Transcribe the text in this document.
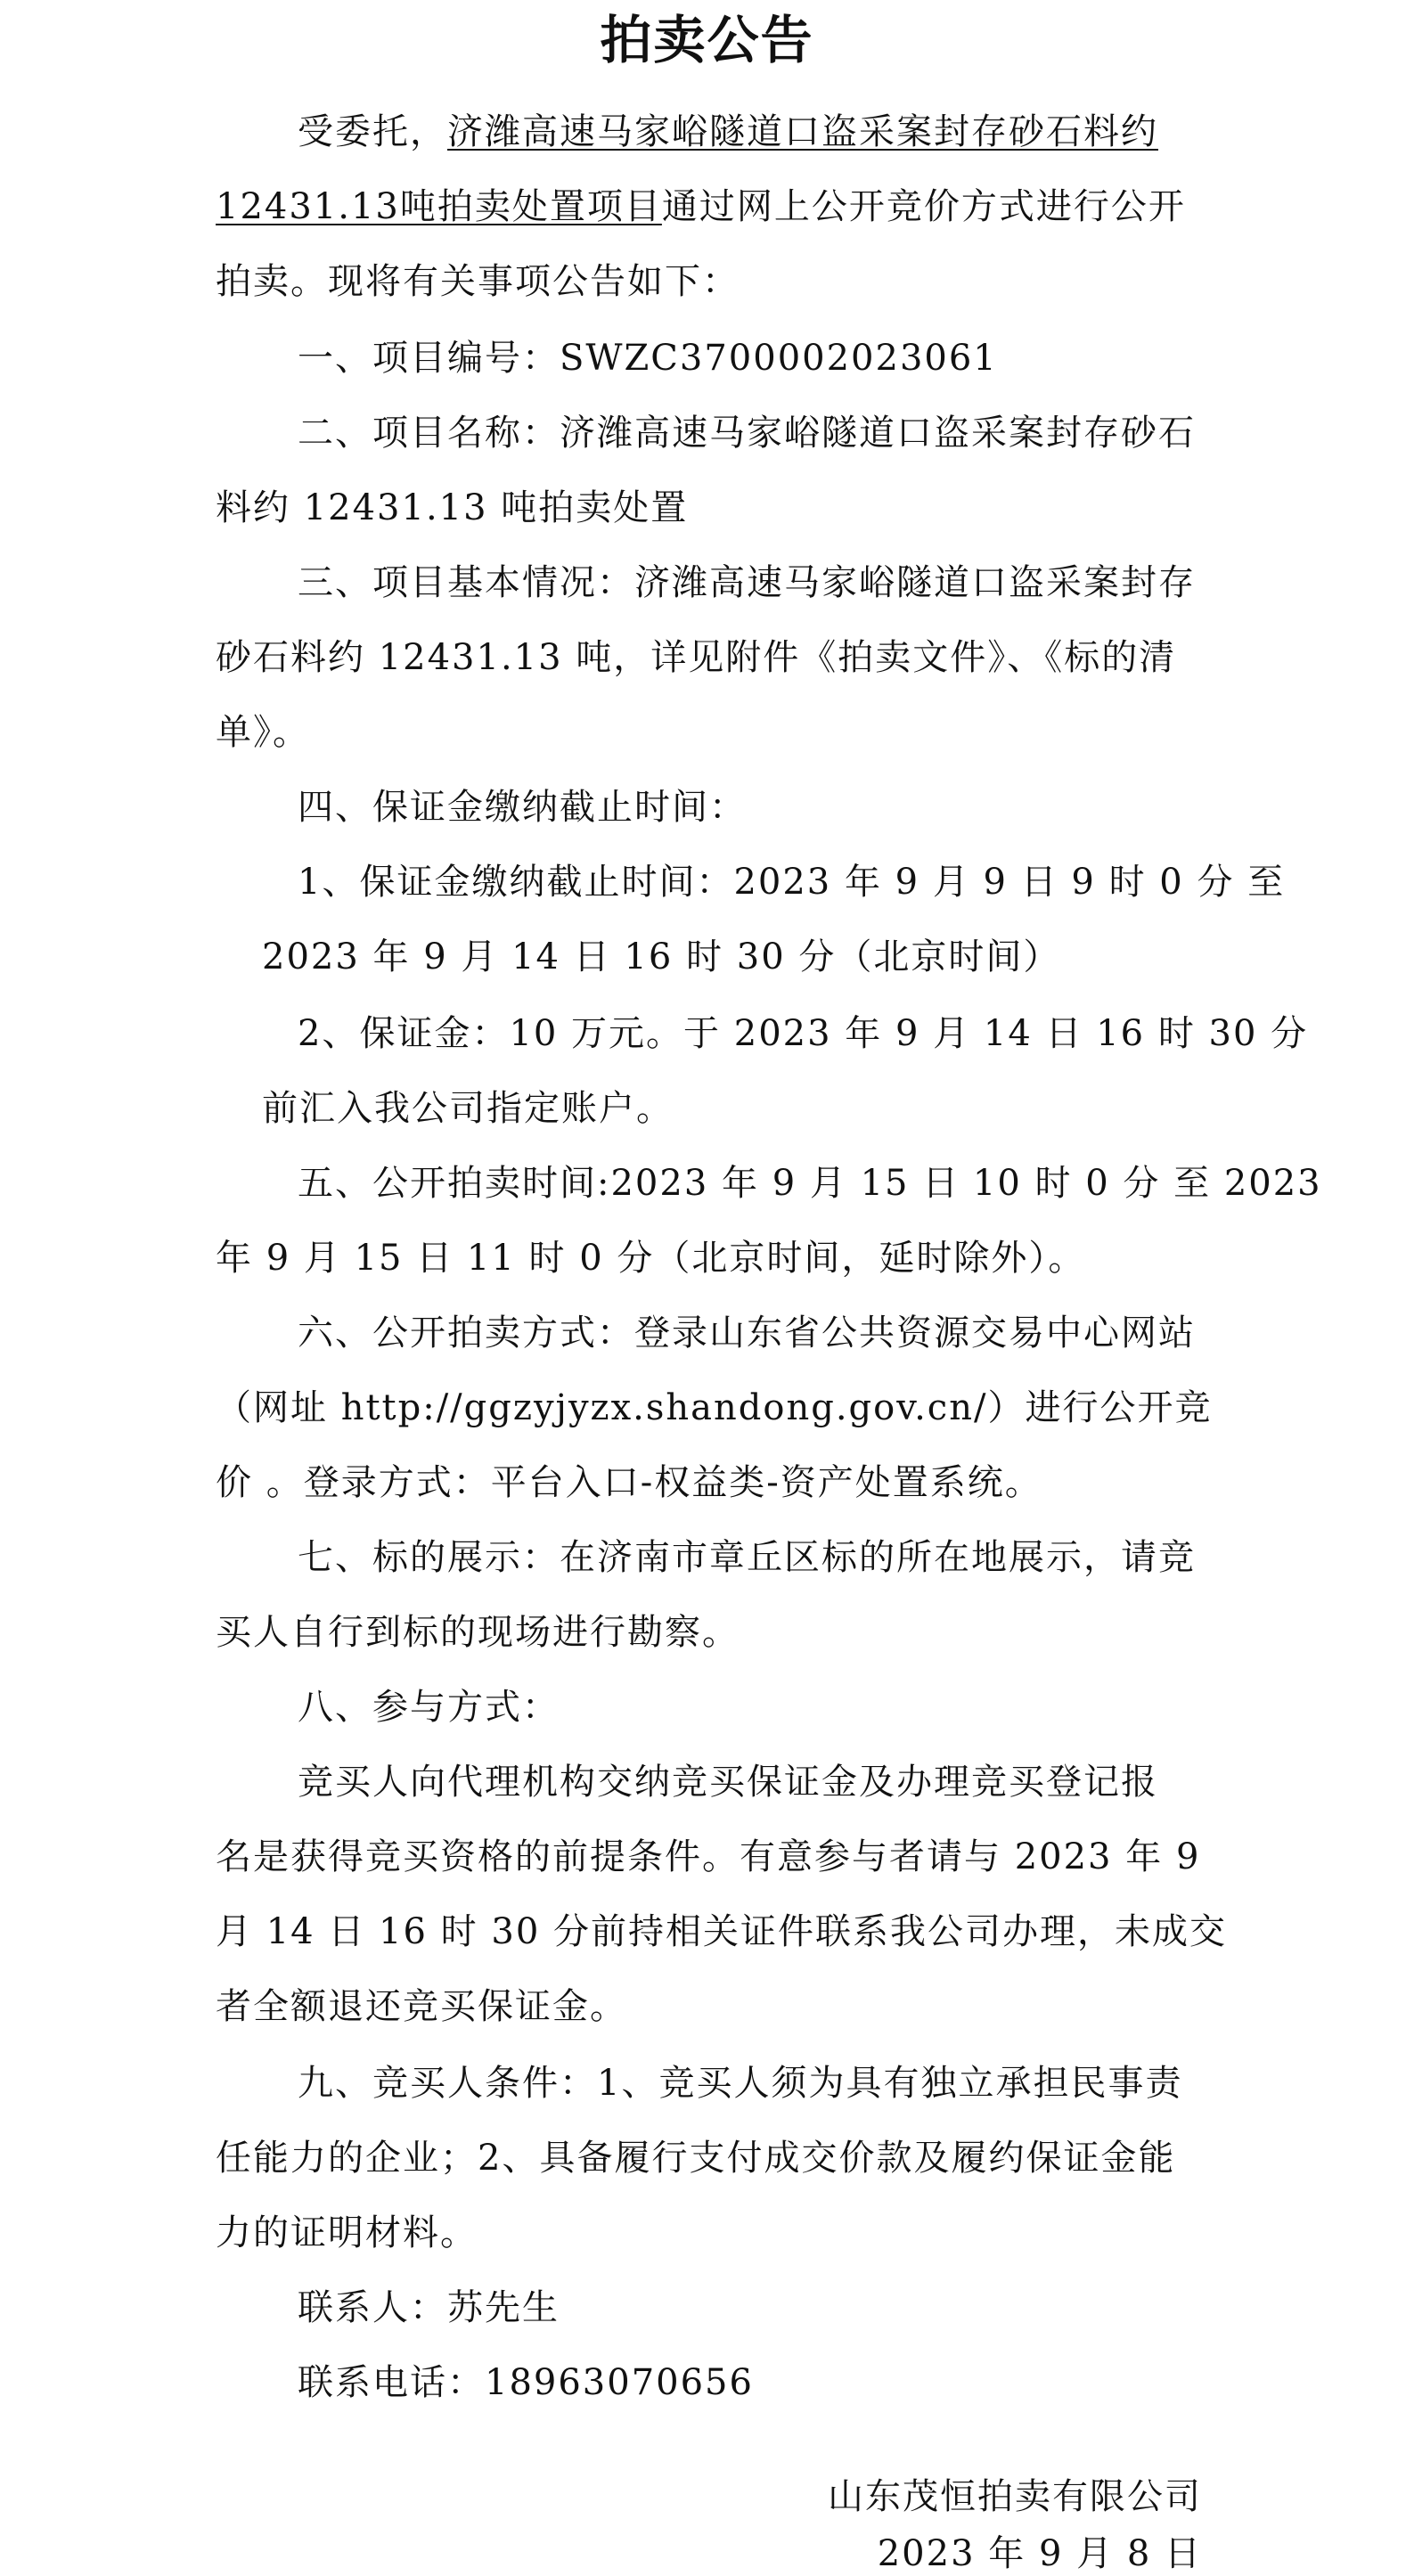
拍卖公告
受委托，济潍高速马家峪隧道口盗采案封存砂石料约
12431.13吨拍卖处置项目通过网上公开竞价方式进行公开
拍卖。现将有关事项公告如下：
一、项目编号：SWZC3700002023061
二、项目名称：济潍高速马家峪隧道口盗采案封存砂石
料约 12431.13 吨拍卖处置
三、项目基本情况：济潍高速马家峪隧道口盗采案封存
砂石料约 12431.13 吨，详见附件《拍卖文件》、《标的清
单》。
四、保证金缴纳截止时间：
1、保证金缴纳截止时间：2023 年 9 月 9 日 9 时 0 分 至
2023 年 9 月 14 日 16 时 30 分（北京时间）
2、保证金：10 万元。于 2023 年 9 月 14 日 16 时 30 分
前汇入我公司指定账户。
五、公开拍卖时间:2023 年 9 月 15 日 10 时 0 分 至 2023
年 9 月 15 日 11 时 0 分（北京时间，延时除外）。
六、公开拍卖方式：登录山东省公共资源交易中心网站
（网址 http://ggzyjyzx.shandong.gov.cn/）进行公开竞
价 。登录方式：平台入口-权益类-资产处置系统。
七、标的展示：在济南市章丘区标的所在地展示，请竞
买人自行到标的现场进行勘察。
八、参与方式：
竞买人向代理机构交纳竞买保证金及办理竞买登记报
名是获得竞买资格的前提条件。有意参与者请与 2023 年 9
月 14 日 16 时 30 分前持相关证件联系我公司办理，未成交
者全额退还竞买保证金。
九、竞买人条件：1、竞买人须为具有独立承担民事责
任能力的企业；2、具备履行支付成交价款及履约保证金能
力的证明材料。
联系人：苏先生
联系电话：18963070656
山东茂恒拍卖有限公司
2023 年 9 月 8 日
